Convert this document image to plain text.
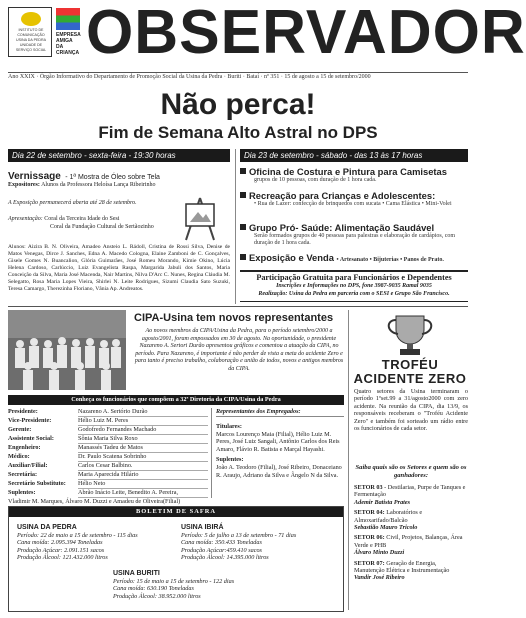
INSTITUTO DE
COMUNICAÇÃO
USINA DA PEDRA
UNIDADE DE
SERVIÇO SOCIAL
EMPRESA
AMIGA DA
CRIANÇA OBSERVADOR
Ano XXIX · Órgão Informativo do Departamento de Promoção Social da Usina da Pedra · Buriti · Bataí · nº 351 · 15 de agosto a 15 de setembro/2000
Não perca!
Fim de Semana Alto Astral no DPS
Dia 22 de setembro - sexta-feira - 19:30 horas
Vernissage - 1ª Mostra de Óleo sobre Tela
Expositores: Alunos da Professora Heloísa Lança Ribeirinho
A Exposição permanecerá aberta até 28 de setembro.
Apresentação: Coral da Terceira Idade do Sesi
Coral da Fundação Cultural de Sertãozinho
Alunos: Aizira B. N. Oliveira, Amadeo Ansteio L. Rádoll, Cristina de Rossi Silva, Denise de Matos Venegas, Dirce J. Sanches, Edna A. Macedo Cologna, Elaine Zamboni de C. Gonçalves, Gisele Gomes N. Buancalion, Glória Guimarães, José Romeu Morando, Kimie Okino, Lúcia Helena Cardoso, Carlúccio, Luiz Evangelista Raspa, Margarida Jabuli dos Santos, Maria Conceição da Silva, Maria José Macenda, Nair Martins, Nilva D'Arc C. Nunes, Regina Cláudia M. Selegatto, Rosa Maria Lopes Vieira, Shirlei N. Leite Rodrigues, Sizumi Claudia Sato Suzuki, Teresa Camargo, Therezinha Floriano, Vânia Ap. Andreatos.
Dia 23 de setembro - sábado - das 13 às 17 horas
Oficina de Costura e Pintura para Camisetas
grupos de 10 pessoas, com duração de 1 hora cada.
Recreação para Crianças e Adolescentes:
• Rua de Lazer: confecção de brinquedos com sucata • Cama Elástica • Mini-Volei
Grupo Pró- Saúde: Alimentação Saudável
Serão formados grupos de 40 pessoas para palestras e elaboração de cardápios, com duração de 1 hora cada.
Exposição e Venda • Artesanato • Bijuterias • Panos de Prato.
Participação Gratuita para Funcionários e Dependentes
Inscrições e Informações no DPS, fone 3987-9035 Ramal 9035
Realização: Usina da Pedra em parceria com o SESI e Grupo São Francisco.
CIPA-Usina tem novos representantes
Ao novos membros da CIPA/Usina da Pedra, para o período setembro/2000 a agosto/2001, foram empossados em 30 de agosto. Na oportunidade, o presidente Nazareno A. Sertori Durão apresentou gráficos e comentou a atuação da CIPA, no período. Para Nazareno, é importante é não perder de vista a meta do acidente Zero e para tanto é preciso trabalho, colaboração e união de todos, novos e antigos membros da CIPA.
Conheça os funcionários que compõem a 32ª Diretoria da CIPA/Usina da Pedra
Presidente:	Nazareno A. Sertório Durão
Vice-Presidente:	Hélio Luiz M. Peres
Gerente:	Godofredo Fernandes Machado
Assistente Social:	Sônia Maria Silva Roxo
Engenheiro:	Manassés Tadeu de Matos
Médico:	Dr. Paulo Scatena Sobrinho
Auxiliar/Filial:	Carlos Cesar Balbino.
Secretária:	Maria Aparecida Hilário
Secretário Substituto:	Hélio Neto
Suplentes:	Abrão Inácio Leite, Benedito A. Pereira,
Vladimir M. Marques, Álvaro M. Duzzi e Amadeu de Oliveira(Filial)
Representantes dos Empregados:
Titulares:
Marcos Lourenço Maia (Filial), Hélio Luiz M. Peres, José Luiz Sangali, Antônio Carlos dos Reis Amaro, Flávio R. Batista e Marçal Hayashi.
Suplentes:
João A. Teodoro (Filial), José Ribeiro, Donaceiano R. Araujo, Adriano da Silva e Ângelo N da Silva.
TROFÉU
ACIDENTE ZERO
Quatro setores da Usina terminaram o período 1ºset.99 a 31/agosto2000 com zero acidente. Na reunião da CIPA, dia 13/9, os responsáveis receberam o "Troféu Acidente Zero" e também foi sorteado um rádio entre os funcionários de cada setor.
Saiba quais são os Setores e quem são os ganhadores:
SETOR 03 - Destilarias, Purpe de Tanques e Fermentação
Ademir Batista Prates
SETOR 04: Laboratórios e Almoxarifado/Balcão
Sebastião Mauro Tricolo
SETOR 06: Civil, Projetos, Balanças, Área Verde e PHB
Álvaro Minto Duzzi
SETOR 07: Geração de Energia, Manutenção Elétrica e Instrumentação
Vandir José Ribeiro
BOLETIM DE SAFRA
USINA DA PEDRA
Período: 22 de maio a 15 de setembro - 115 dias
Cana moída: 2.095.394 Toneladas
Produção Açúcar: 2.091.151 sacos
Produção Álcool: 121.432.000 litros
USINA IBIRÁ
Período: 5 de julho a 13 de setembro - 71 dias
Cana moída: 350.433 Toneladas
Produção Açúcar:459.410 sacos
Produção Álcool: 14.395.000 litros
USINA BURITI
Período: 15 de maio a 15 de setembro - 122 dias
Cana moída: 630.190 Toneladas
Produção Álcool: 38.952.000 litros
